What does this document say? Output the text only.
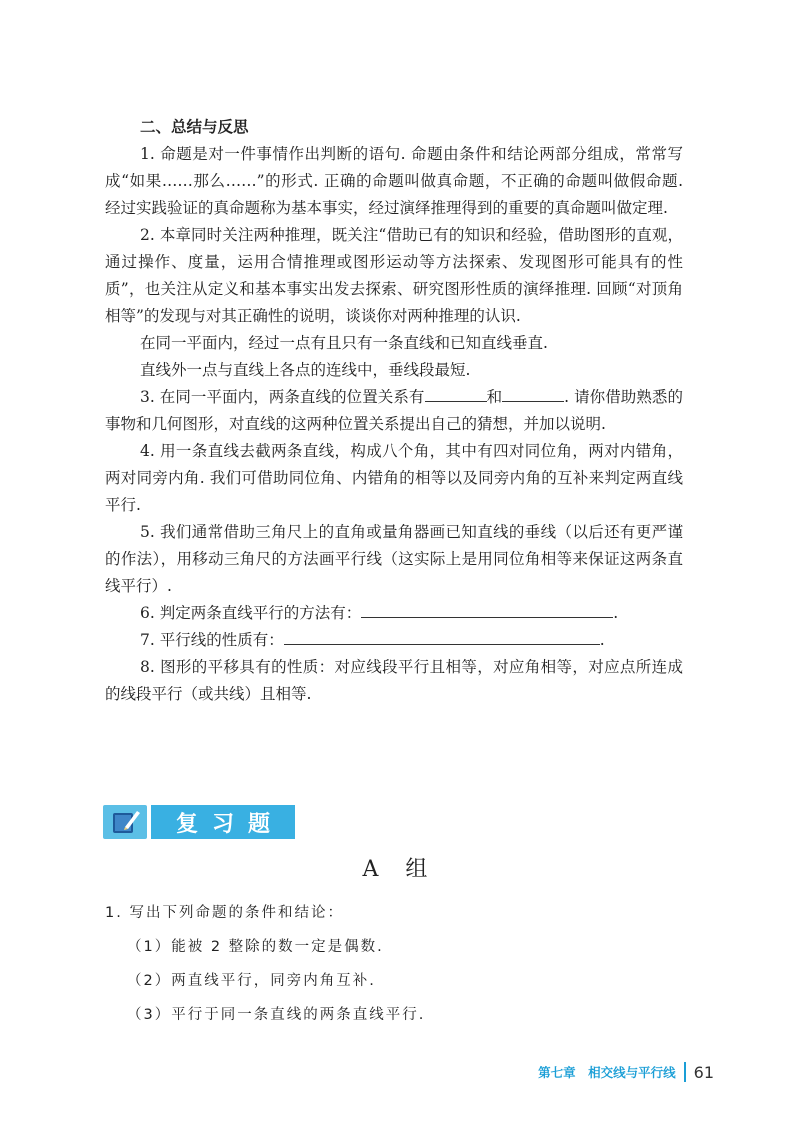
二、总结与反思

1. 命题是对一件事情作出判断的语句. 命题由条件和结论两部分组成，常常写成“如果……那么……”的形式. 正确的命题叫做真命题，不正确的命题叫做假命题. 经过实践验证的真命题称为基本事实，经过演绎推理得到的重要的真命题叫做定理.

2. 本章同时关注两种推理，既关注“借助已有的知识和经验，借助图形的直观，通过操作、度量，运用合情推理或图形运动等方法探索、发现图形可能具有的性质”，也关注从定义和基本事实出发去探索、研究图形性质的演绎推理. 回顾“对顶角相等”的发现与对其正确性的说明，谈谈你对两种推理的认识.

在同一平面内，经过一点有且只有一条直线和已知直线垂直.

直线外一点与直线上各点的连线中，垂线段最短.

3. 在同一平面内，两条直线的位置关系有	和	. 请你借助熟悉的事物和几何图形，对直线的这两种位置关系提出自己的猜想，并加以说明.

4. 用一条直线去截两条直线，构成八个角，其中有四对同位角，两对内错角，两对同旁内角. 我们可借助同位角、内错角的相等以及同旁内角的互补来判定两直线平行.

5. 我们通常借助三角尺上的直角或量角器画已知直线的垂线（以后还有更严谨的作法），用移动三角尺的方法画平行线（这实际上是用同位角相等来保证这两条直线平行）.

6. 判定两条直线平行的方法有：	.

7. 平行线的性质有：	.

8. 图形的平移具有的性质：对应线段平行且相等，对应角相等，对应点所连成的线段平行（或共线）且相等.

复习题
A 组

1. 写出下列命题的条件和结论：

（1）能被 2 整除的数一定是偶数.

（2）两直线平行，同旁内角互补.

（3）平行于同一条直线的两条直线平行.

第七章　相交线与平行线 61
